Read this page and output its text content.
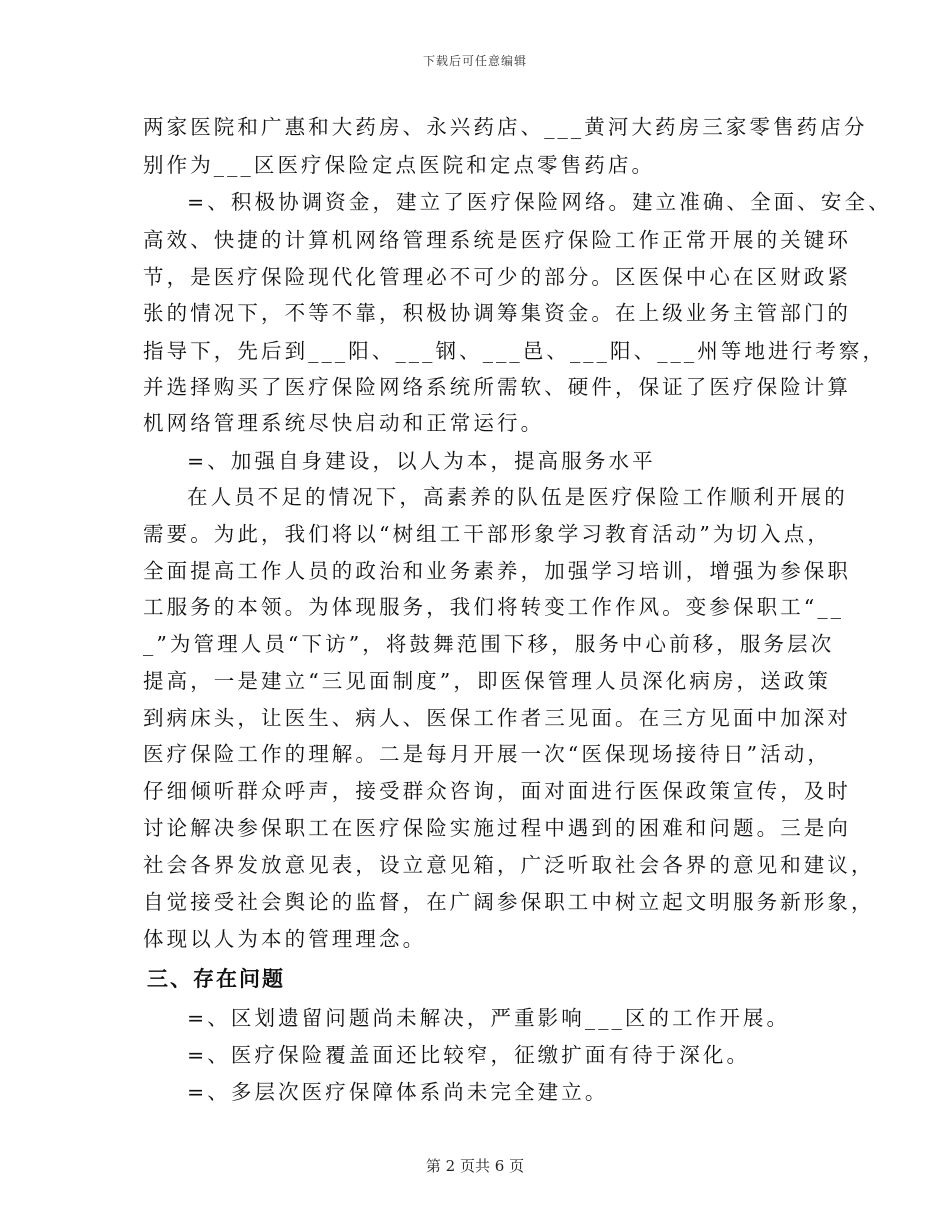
下载后可任意编辑
两家医院和广惠和大药房、永兴药店、___黄河大药房三家零售药店分
别作为___区医疗保险定点医院和定点零售药店。
=、积极协调资金，建立了医疗保险网络。建立准确、全面、安全、
高效、快捷的计算机网络管理系统是医疗保险工作正常开展的关键环
节，是医疗保险现代化管理必不可少的部分。区医保中心在区财政紧
张的情况下，不等不靠，积极协调筹集资金。在上级业务主管部门的
指导下，先后到___阳、___钢、___邑、___阳、___州等地进行考察，
并选择购买了医疗保险网络系统所需软、硬件，保证了医疗保险计算
机网络管理系统尽快启动和正常运行。
=、加强自身建设，以人为本，提高服务水平
在人员不足的情况下，高素养的队伍是医疗保险工作顺利开展的
需要。为此，我们将以“树组工干部形象学习教育活动”为切入点，
全面提高工作人员的政治和业务素养，加强学习培训，增强为参保职
工服务的本领。为体现服务，我们将转变工作作风。变参保职工“__
_”为管理人员“下访”，将鼓舞范围下移，服务中心前移，服务层次
提高，一是建立“三见面制度”，即医保管理人员深化病房，送政策
到病床头，让医生、病人、医保工作者三见面。在三方见面中加深对
医疗保险工作的理解。二是每月开展一次“医保现场接待日”活动，
仔细倾听群众呼声，接受群众咨询，面对面进行医保政策宣传，及时
讨论解决参保职工在医疗保险实施过程中遇到的困难和问题。三是向
社会各界发放意见表，设立意见箱，广泛听取社会各界的意见和建议，
自觉接受社会舆论的监督，在广阔参保职工中树立起文明服务新形象，
体现以人为本的管理理念。
三、存在问题
=、区划遗留问题尚未解决，严重影响___区的工作开展。
=、医疗保险覆盖面还比较窄，征缴扩面有待于深化。
=、多层次医疗保障体系尚未完全建立。
第 2 页共 6 页
